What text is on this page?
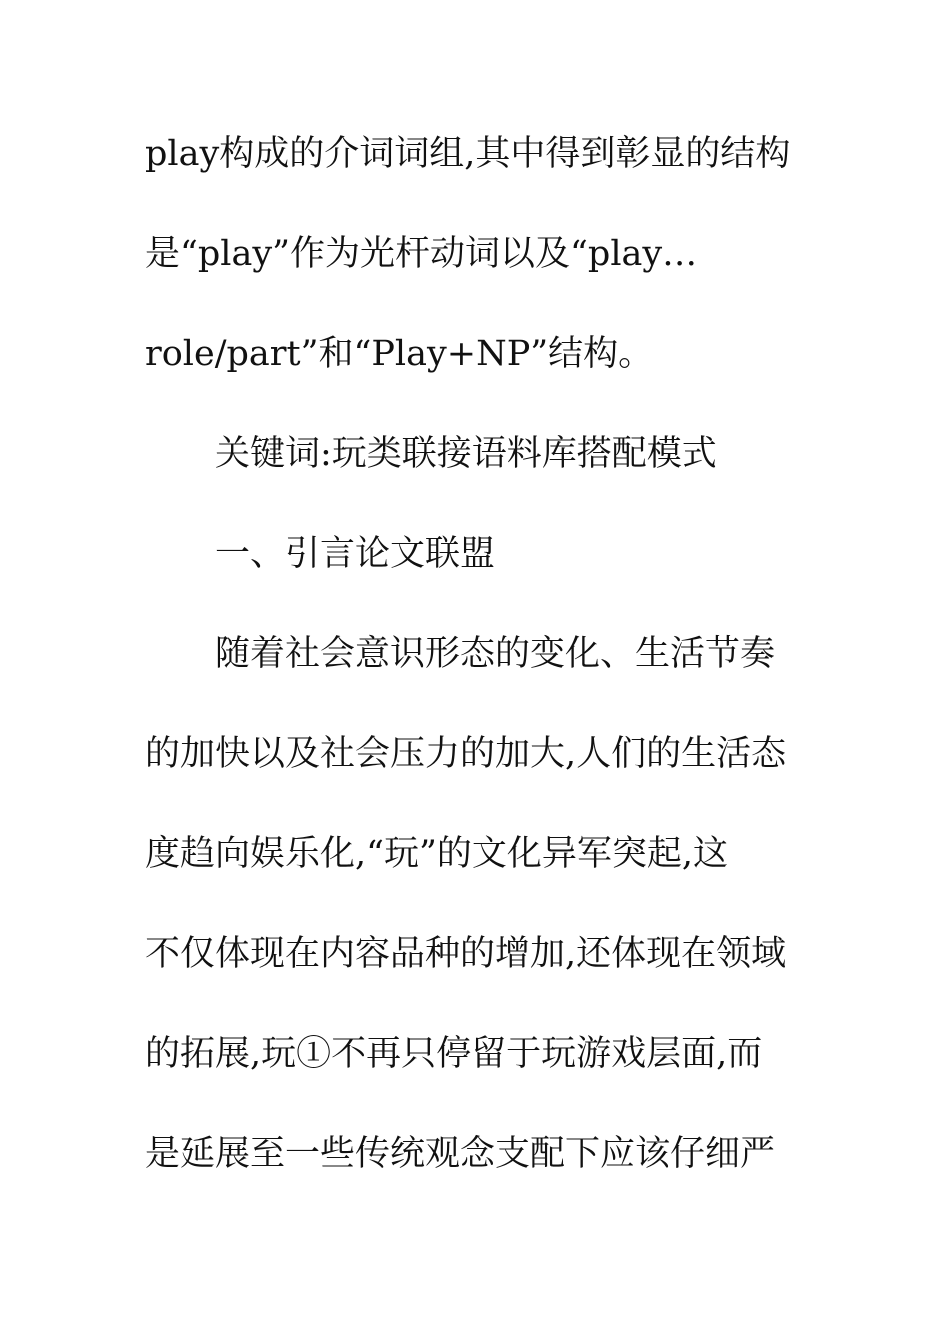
play构成的介词词组,其中得到彰显的结构
是“play”作为光杆动词以及“play…
role/part”和“Play+NP”结构。
关键词:玩类联接语料库搭配模式
一、引言论文联盟
随着社会意识形态的变化、生活节奏
的加快以及社会压力的加大,人们的生活态
度趋向娱乐化,“玩”的文化异军突起,这
不仅体现在内容品种的增加,还体现在领域
的拓展,玩①不再只停留于玩游戏层面,而
是延展至一些传统观念支配下应该仔细严
